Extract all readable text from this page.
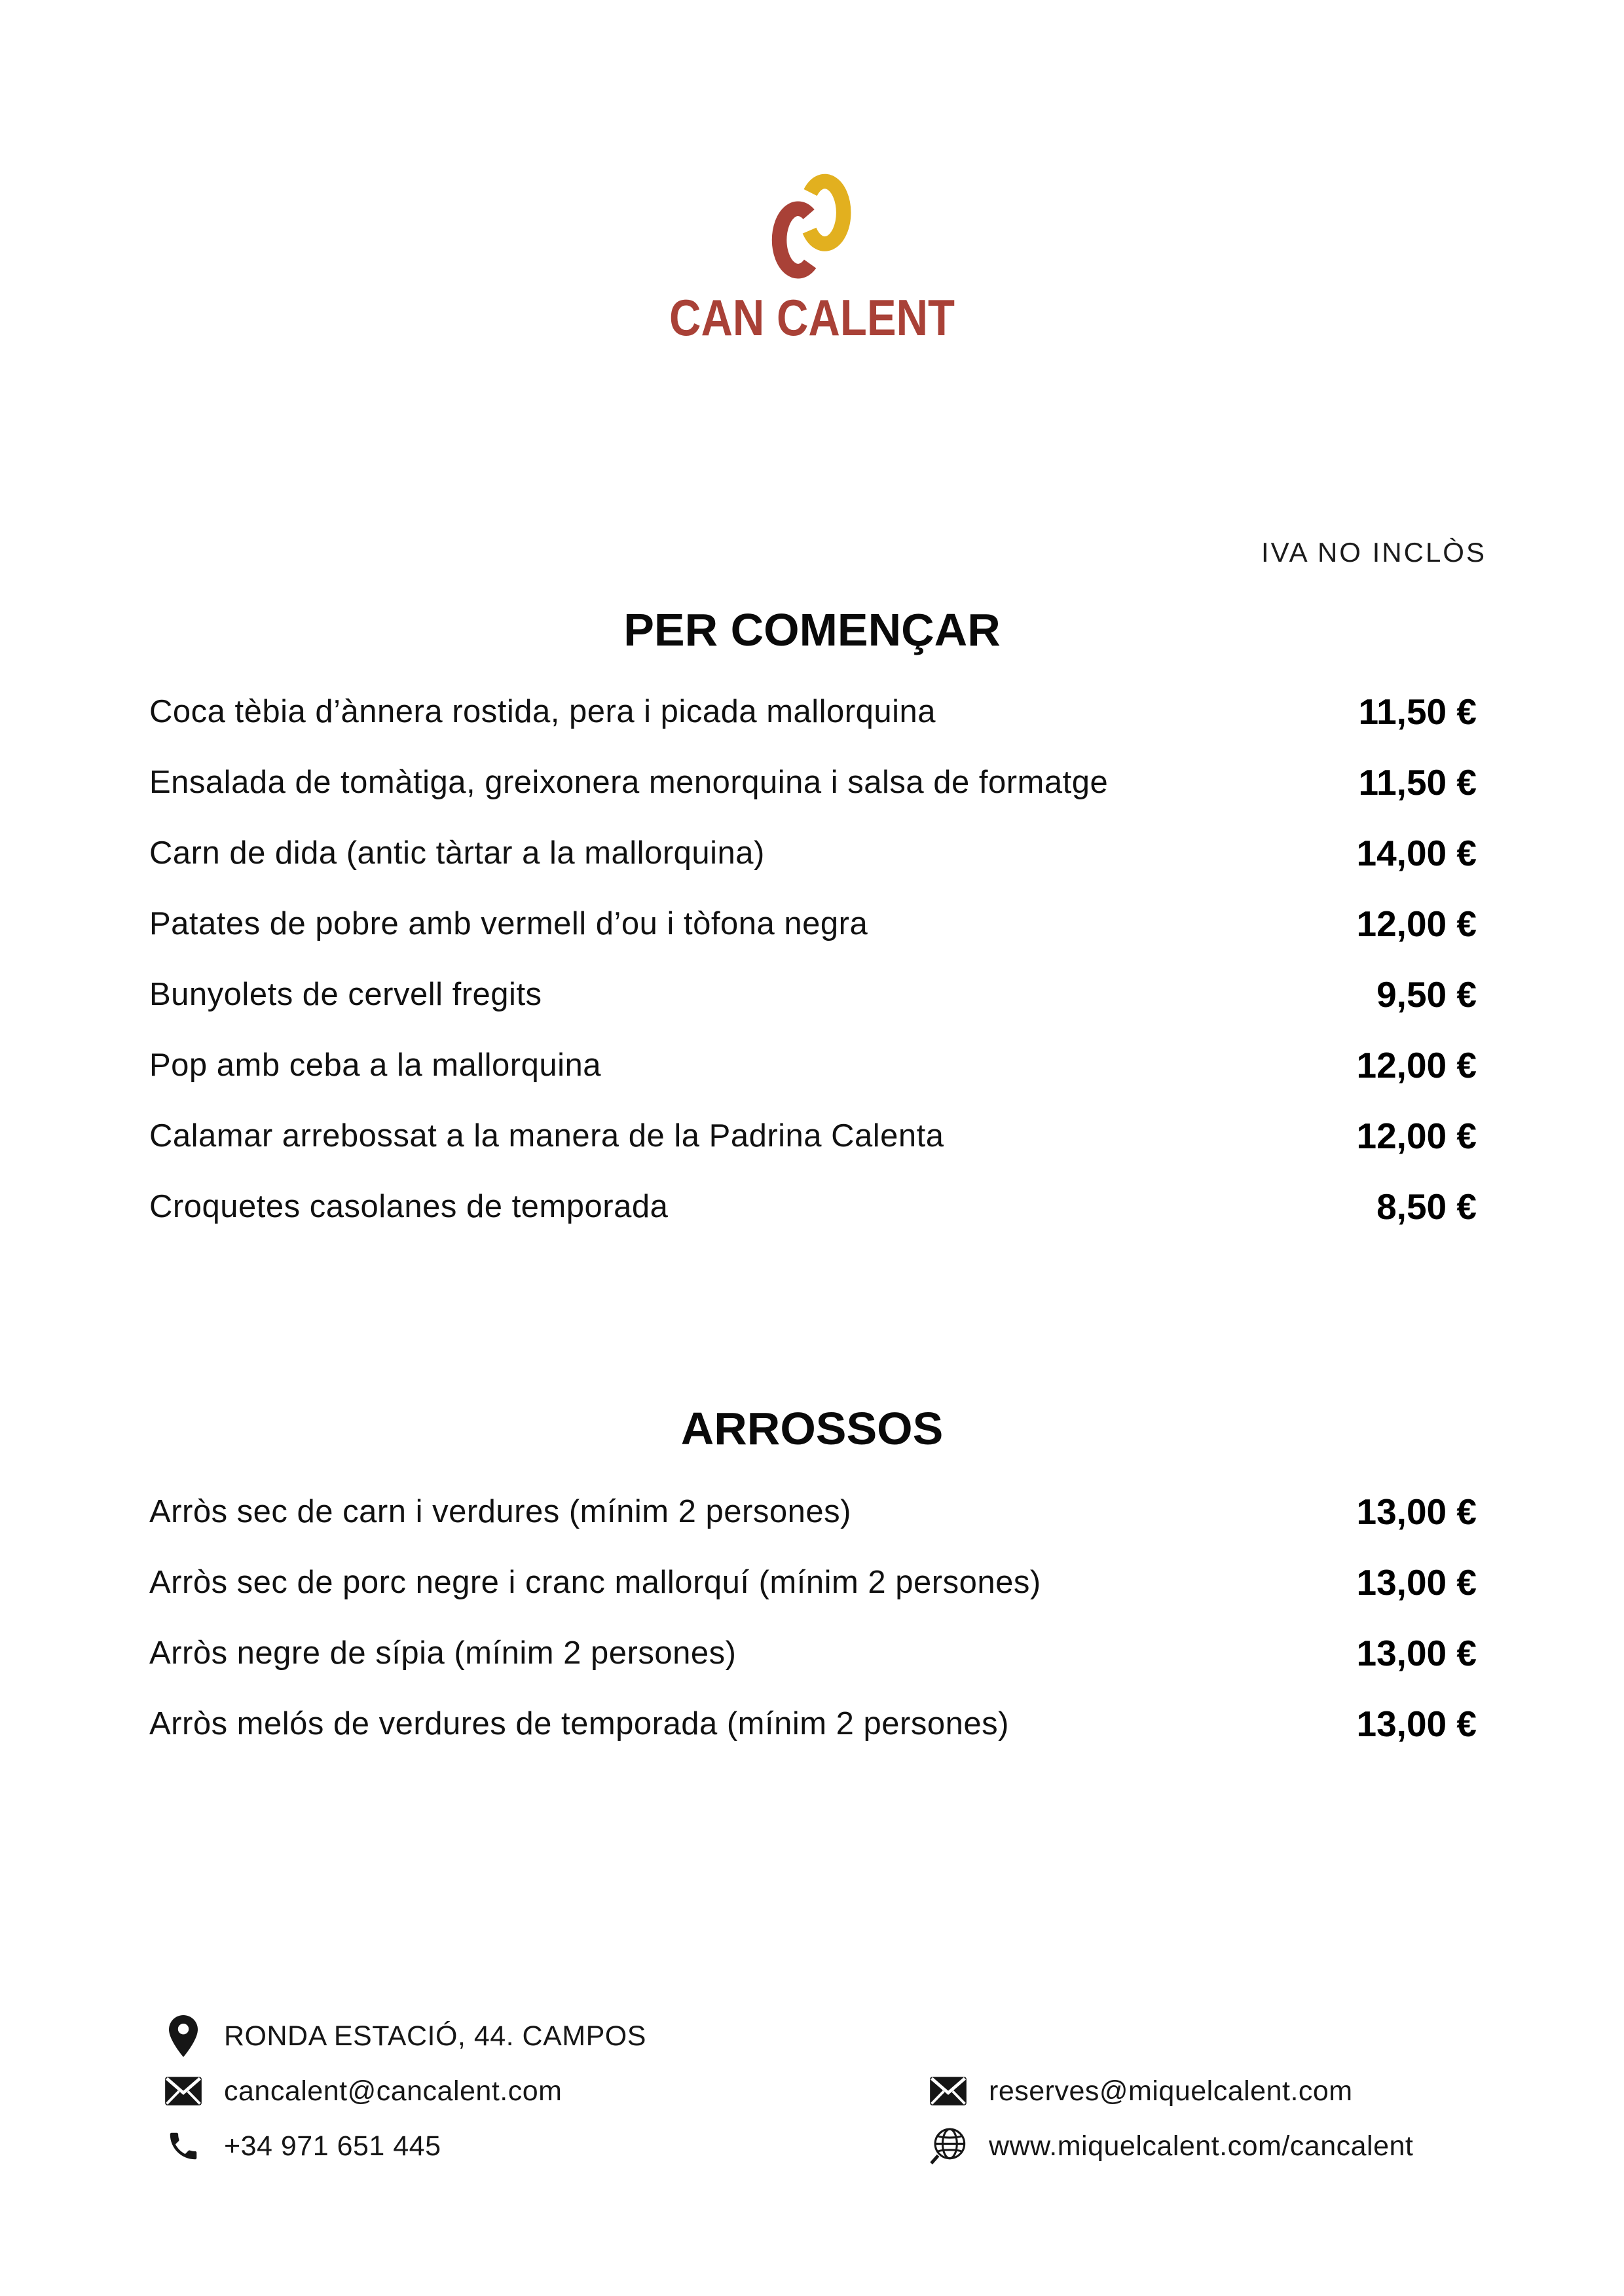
CAN CALENT
IVA NO INCLÒS
PER COMENÇAR
Coca tèbia d’ànnera rostida, pera i picada mallorquina	11,50 €
Ensalada de tomàtiga, greixonera menorquina i salsa de formatge	11,50 €
Carn de dida (antic tàrtar a la mallorquina)	14,00 €
Patates de pobre amb vermell d’ou i tòfona negra	12,00 €
Bunyolets de cervell fregits	9,50 €
Pop amb ceba a la mallorquina	12,00 €
Calamar arrebossat a la manera de la Padrina Calenta	12,00 €
Croquetes casolanes de temporada	8,50 €
ARROSSOS
Arròs sec de carn i verdures (mínim 2 persones)	13,00 €
Arròs sec de porc negre i cranc mallorquí (mínim 2 persones)	13,00 €
Arròs negre de sípia (mínim 2 persones)	13,00 €
Arròs melós de verdures de temporada (mínim 2 persones)	13,00 €
RONDA ESTACIÓ, 44. CAMPOS
cancalent@cancalent.com
+34 971 651 445
reserves@miquelcalent.com
www.miquelcalent.com/cancalent
